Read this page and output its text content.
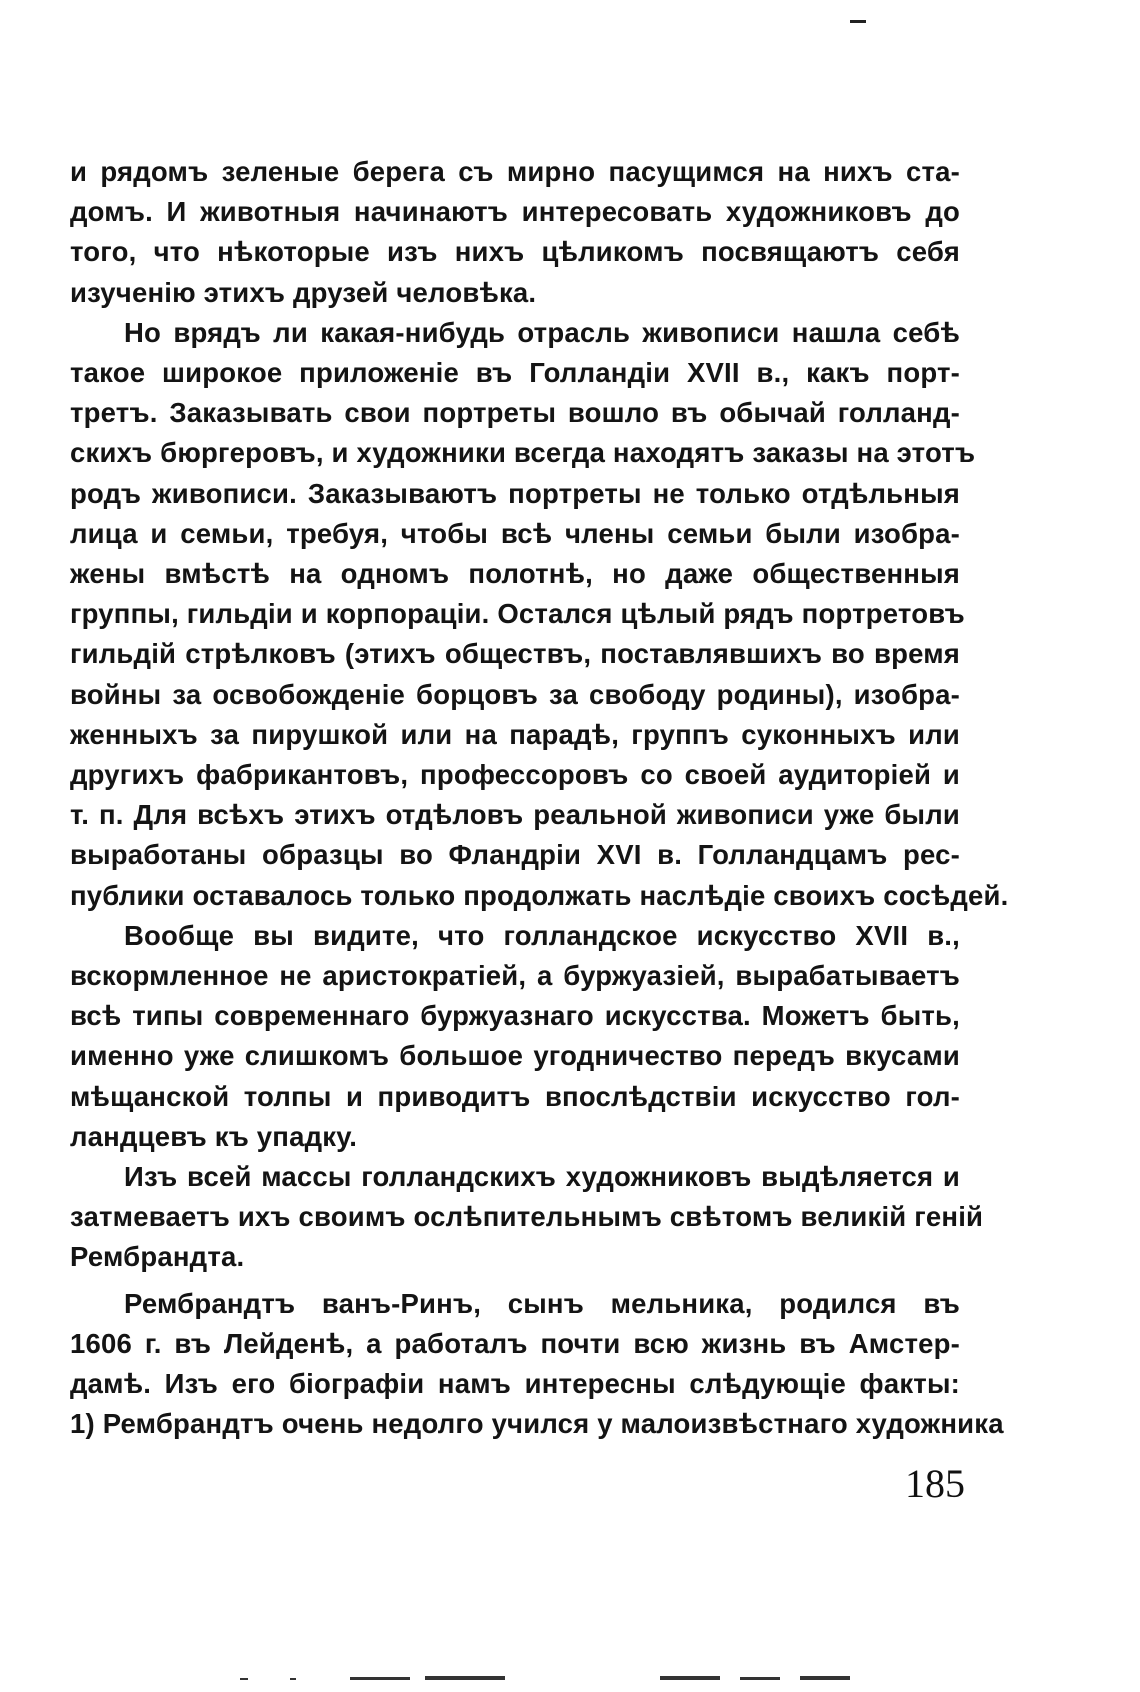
и рядомъ зеленые берега съ мирно пасущимся на нихъ ста-
домъ. И животныя начинаютъ интересовать художниковъ до
того, что нѣкоторые изъ нихъ цѣликомъ посвящаютъ себя
изученiю этихъ друзей человѣка.
Но врядъ ли какая-нибудь отрасль живописи нашла себѣ
такое широкое приложенiе въ Голландiи XVII в., какъ порт-
третъ. Заказывать свои портреты вошло въ обычай голланд-
скихъ бюргеровъ, и художники всегда находятъ заказы на этотъ
родъ живописи. Заказываютъ портреты не только отдѣльныя
лица и семьи, требуя, чтобы всѣ члены семьи были изобра-
жены вмѣстѣ на одномъ полотнѣ, но даже общественныя
группы, гильдiи и корпорацiи. Остался цѣлый рядъ портретовъ
гильдiй стрѣлковъ (этихъ обществъ, поставлявшихъ во время
войны за освобожденiе борцовъ за свободу родины), изобра-
женныхъ за пирушкой или на парадѣ, группъ суконныхъ или
другихъ фабрикантовъ, профессоровъ со своей аудиторiей и
т. п. Для всѣхъ этихъ отдѣловъ реальной живописи уже были
выработаны образцы во Фландрiи XVI в. Голландцамъ рес-
публики оставалось только продолжать наслѣдiе своихъ сосѣдей.
Вообще вы видите, что голландское искусство XVII в.,
вскормленное не аристократiей, а буржуазiей, вырабатываетъ
всѣ типы современнаго буржуазнаго искусства. Можетъ быть,
именно уже слишкомъ большое угодничество передъ вкусами
мѣщанской толпы и приводитъ впослѣдствiи искусство гол-
ландцевъ къ упадку.
Изъ всей массы голландскихъ художниковъ выдѣляется и
затмеваетъ ихъ своимъ ослѣпительнымъ свѣтомъ великiй генiй
Рембрандта.
Рембрандтъ ванъ-Ринъ, сынъ мельника, родился въ
1606 г. въ Лейденѣ, а работалъ почти всю жизнь въ Амстер-
дамѣ. Изъ его бiографiи намъ интересны слѣдующiе факты:
1) Рембрандтъ очень недолго учился у малоизвѣстнаго художника
185
